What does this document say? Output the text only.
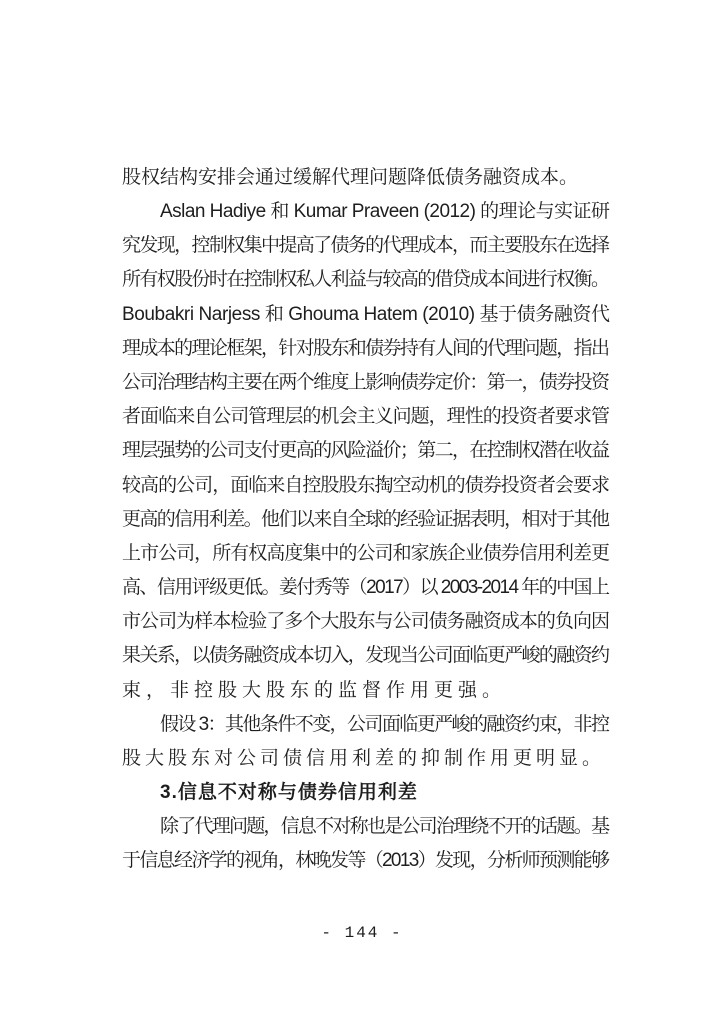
股权结构安排会通过缓解代理问题降低债务融资成本。
Aslan Hadiye 和 Kumar Praveen (2012) 的理论与实证研
究发现，控制权集中提高了债务的代理成本，而主要股东在选择
所有权股份时在控制权私人利益与较高的借贷成本间进行权衡。
Boubakri Narjess 和 Ghouma Hatem (2010) 基于债务融资代
理成本的理论框架，针对股东和债券持有人间的代理问题，指出
公司治理结构主要在两个维度上影响债券定价：第一，债券投资
者面临来自公司管理层的机会主义问题，理性的投资者要求管
理层强势的公司支付更高的风险溢价；第二，在控制权潜在收益
较高的公司，面临来自控股股东掏空动机的债券投资者会要求
更高的信用利差。他们以来自全球的经验证据表明，相对于其他
上市公司，所有权高度集中的公司和家族企业债券信用利差更
高、信用评级更低。姜付秀等（2017）以 2003-2014 年的中国上
市公司为样本检验了多个大股东与公司债务融资成本的负向因
果关系，以债务融资成本切入，发现当公司面临更严峻的融资约
束，非控股大股东的监督作用更强。
假设 3：其他条件不变，公司面临更严峻的融资约束，非控
股大股东对公司债信用利差的抑制作用更明显。
3.信息不对称与债券信用利差
除了代理问题，信息不对称也是公司治理绕不开的话题。基
于信息经济学的视角，林晚发等（2013）发现，分析师预测能够
- 144 -
